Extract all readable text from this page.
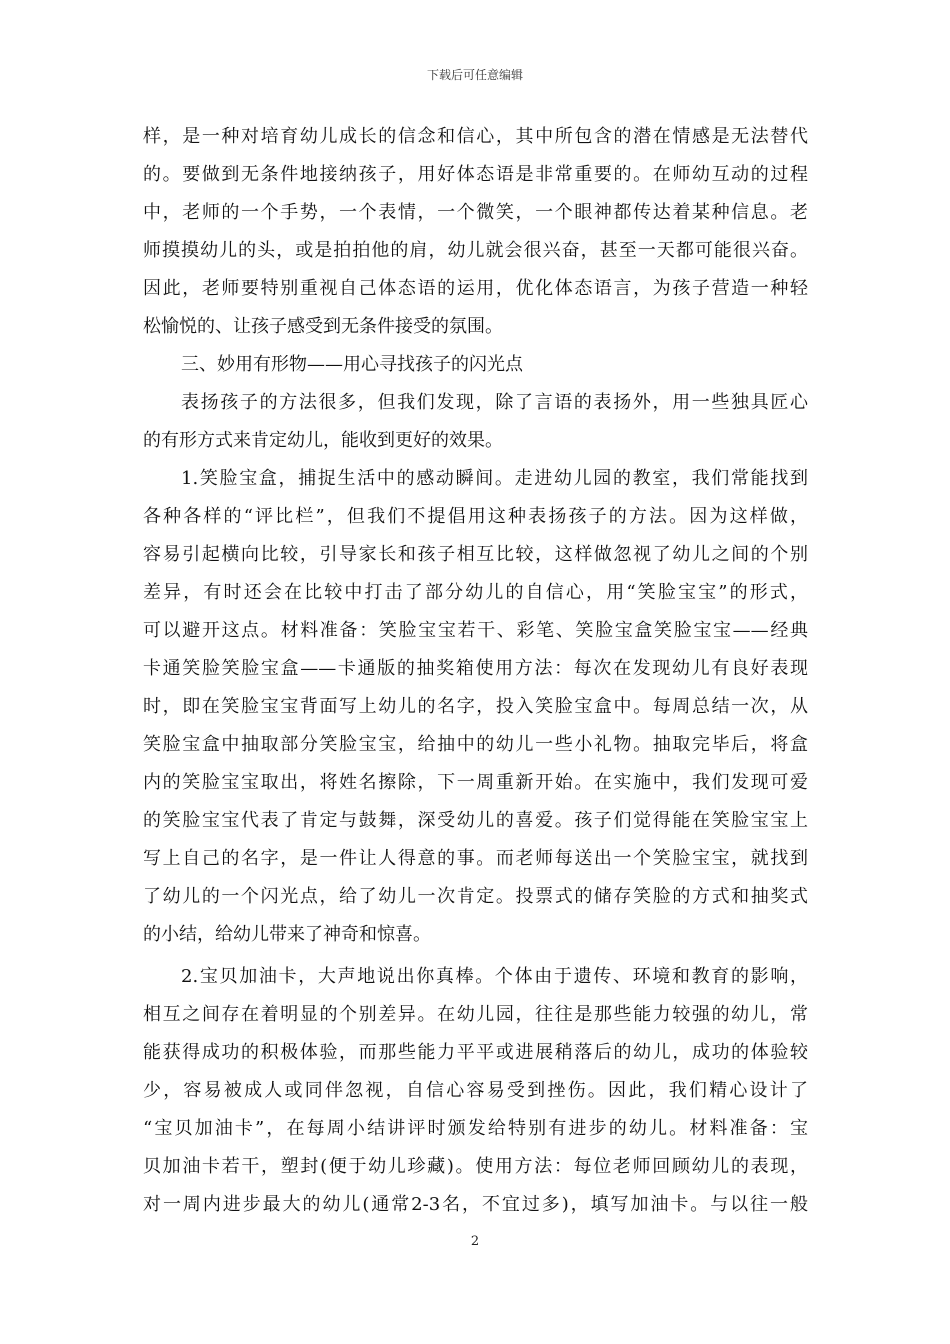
下载后可任意编辑
样，是一种对培育幼儿成长的信念和信心，其中所包含的潜在情感是无法替代
的。要做到无条件地接纳孩子，用好体态语是非常重要的。在师幼互动的过程
中，老师的一个手势，一个表情，一个微笑，一个眼神都传达着某种信息。老
师摸摸幼儿的头，或是拍拍他的肩，幼儿就会很兴奋，甚至一天都可能很兴奋。
因此，老师要特别重视自己体态语的运用，优化体态语言，为孩子营造一种轻
松愉悦的、让孩子感受到无条件接受的氛围。
三、妙用有形物——用心寻找孩子的闪光点
表扬孩子的方法很多，但我们发现，除了言语的表扬外，用一些独具匠心
的有形方式来肯定幼儿，能收到更好的效果。
1.笑脸宝盒，捕捉生活中的感动瞬间。走进幼儿园的教室，我们常能找到
各种各样的“评比栏”，但我们不提倡用这种表扬孩子的方法。因为这样做，
容易引起横向比较，引导家长和孩子相互比较，这样做忽视了幼儿之间的个别
差异，有时还会在比较中打击了部分幼儿的自信心，用“笑脸宝宝”的形式，
可以避开这点。材料准备：笑脸宝宝若干、彩笔、笑脸宝盒笑脸宝宝——经典
卡通笑脸笑脸宝盒——卡通版的抽奖箱使用方法：每次在发现幼儿有良好表现
时，即在笑脸宝宝背面写上幼儿的名字，投入笑脸宝盒中。每周总结一次，从
笑脸宝盒中抽取部分笑脸宝宝，给抽中的幼儿一些小礼物。抽取完毕后，将盒
内的笑脸宝宝取出，将姓名擦除，下一周重新开始。在实施中，我们发现可爱
的笑脸宝宝代表了肯定与鼓舞，深受幼儿的喜爱。孩子们觉得能在笑脸宝宝上
写上自己的名字，是一件让人得意的事。而老师每送出一个笑脸宝宝，就找到
了幼儿的一个闪光点，给了幼儿一次肯定。投票式的储存笑脸的方式和抽奖式
的小结，给幼儿带来了神奇和惊喜。
2.宝贝加油卡，大声地说出你真棒。个体由于遗传、环境和教育的影响，
相互之间存在着明显的个别差异。在幼儿园，往往是那些能力较强的幼儿，常
能获得成功的积极体验，而那些能力平平或进展稍落后的幼儿，成功的体验较
少，容易被成人或同伴忽视，自信心容易受到挫伤。因此，我们精心设计了
“宝贝加油卡”，在每周小结讲评时颁发给特别有进步的幼儿。材料准备：宝
贝加油卡若干，塑封(便于幼儿珍藏)。使用方法：每位老师回顾幼儿的表现，
对一周内进步最大的幼儿(通常2-3名，不宜过多)，填写加油卡。与以往一般
2
